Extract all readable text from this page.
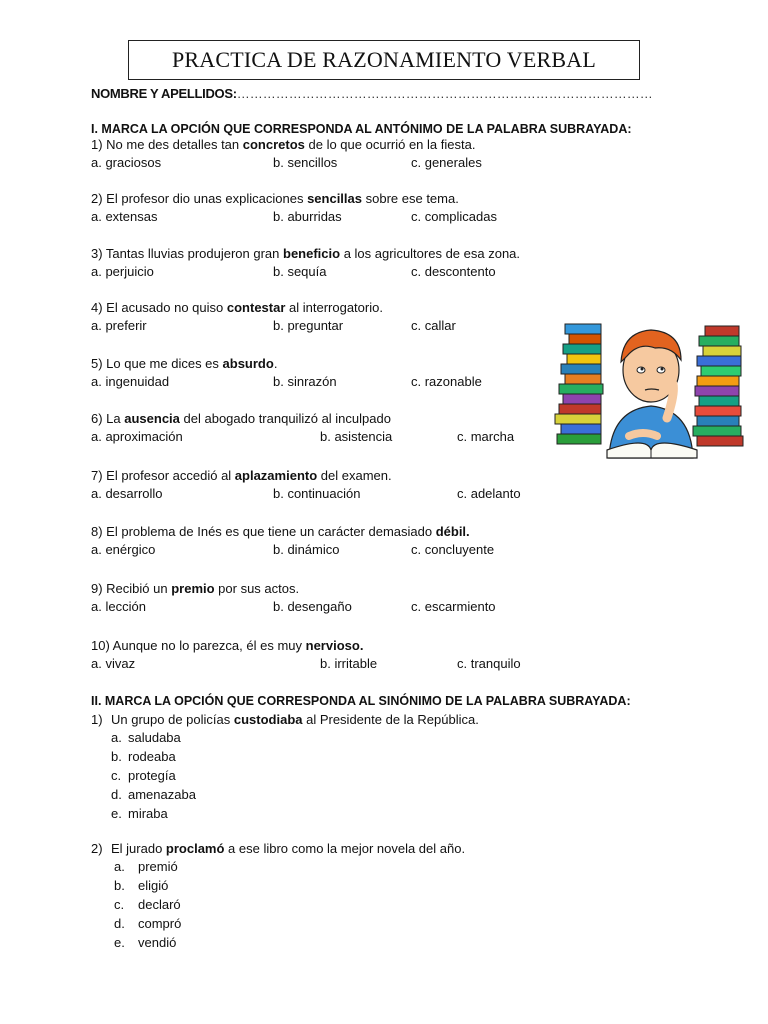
PRACTICA DE RAZONAMIENTO VERBAL
NOMBRE Y APELLIDOS:……………………………………………………………………………………
I. MARCA LA OPCIÓN QUE CORRESPONDA AL ANTÓNIMO DE LA PALABRA SUBRAYADA:
1) No me des detalles tan concretos de lo que ocurrió en la fiesta.
a. graciosos	b. sencillos	c. generales
2) El profesor dio unas explicaciones sencillas sobre ese tema.
a. extensas	b. aburridas	c. complicadas
3) Tantas lluvias produjeron gran beneficio a los agricultores de esa zona.
a. perjuicio	b. sequía	c. descontento
4) El acusado no quiso contestar al interrogatorio.
a. preferir	b. preguntar	c. callar
5) Lo que me dices es absurdo.
a. ingenuidad	b. sinrazón	c. razonable
6) La ausencia del abogado tranquilizó al inculpado
a. aproximación	b. asistencia	c. marcha
7) El profesor accedió al aplazamiento del examen.
a. desarrollo	b. continuación	c. adelanto
8) El problema de Inés es que tiene un carácter demasiado débil.
a. enérgico	b. dinámico	c. concluyente
9) Recibió un premio por sus actos.
a. lección	b. desengaño	c. escarmiento
10) Aunque no lo parezca, él es muy nervioso.
a. vivaz	b. irritable	c. tranquilo
II. MARCA LA OPCIÓN QUE CORRESPONDA AL SINÓNIMO DE LA PALABRA SUBRAYADA:
1) Un grupo de policías custodiaba al Presidente de la República.
a. saludaba
b. rodeaba
c. protegía
d. amenazaba
e. miraba
2) El jurado proclamó a ese libro como la mejor novela del año.
a. premió
b. eligió
c. declaró
d. compró
e. vendió
